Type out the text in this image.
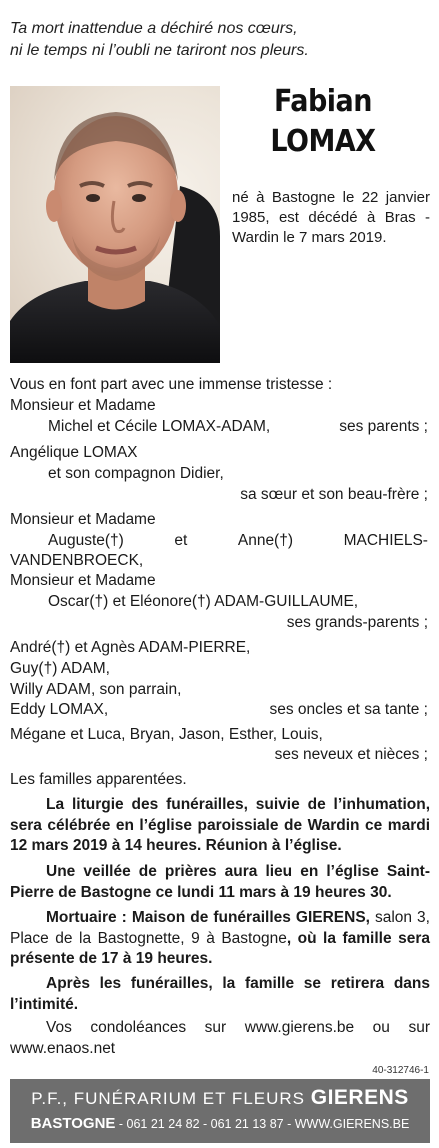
Ta mort inattendue a déchiré nos cœurs,
ni le temps ni l’oubli ne tariront nos pleurs.
Fabian
LOMAX
né à Bastogne le 22 janvier 1985, est décédé à Bras - Wardin le 7 mars 2019.
Vous en font part avec une immense tristesse :
Monsieur et Madame
Michel et Cécile LOMAX-ADAM,	ses parents ;
Angélique LOMAX
et son compagnon Didier,
sa sœur et son beau-frère ;
Monsieur et Madame
Auguste(†)	et	Anne(†)	MACHIELS-
VANDENBROECK,
Monsieur et Madame
Oscar(†) et Eléonore(†) ADAM-GUILLAUME,
ses grands-parents ;
André(†) et Agnès ADAM-PIERRE,
Guy(†) ADAM,
Willy ADAM, son parrain,
Eddy LOMAX,	ses oncles et sa tante ;
Mégane et Luca, Bryan, Jason, Esther, Louis,
ses neveux et nièces ;
Les familles apparentées.
La liturgie des funérailles, suivie de l’inhumation, sera célébrée en l’église paroissiale de Wardin ce mardi 12 mars 2019 à 14 heures. Réunion à l’église.
Une veillée de prières aura lieu en l’église Saint-Pierre de Bastogne ce lundi 11 mars à 19 heures 30.
Mortuaire : Maison de funérailles GIERENS, salon 3, Place de la Bastognette, 9 à Bastogne, où la famille sera présente de 17 à 19 heures.
Après les funérailles, la famille se retirera dans l’intimité.
Vos condoléances sur www.gierens.be ou sur www.enaos.net
40-312746-1
P.F., FUNÉRARIUM ET FLEURS GIERENS
BASTOGNE - 061 21 24 82 - 061 21 13 87 - WWW.GIERENS.BE
